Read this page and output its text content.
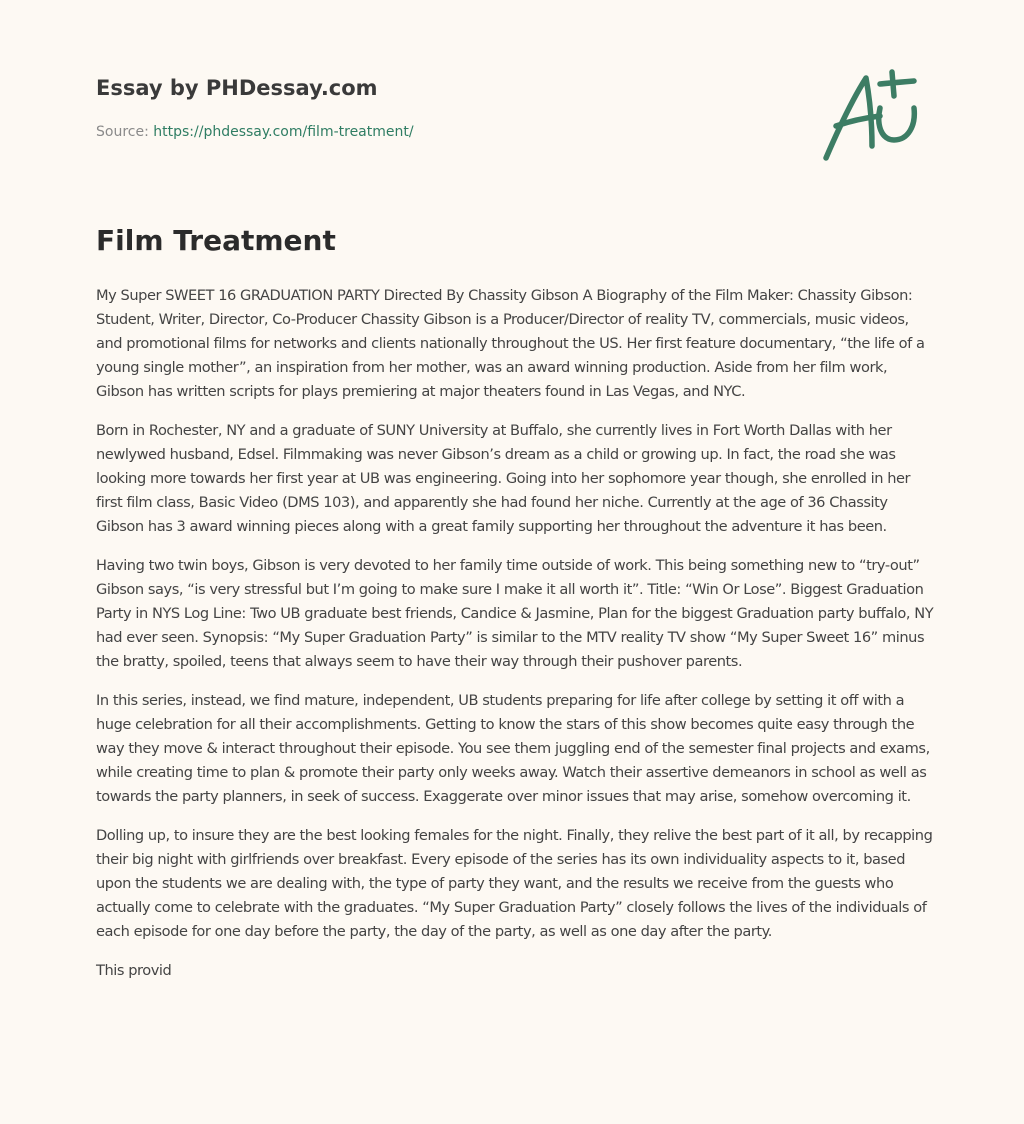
Essay by PHDessay.com
Source: https://phdessay.com/film-treatment/
Film Treatment

My Super SWEET 16 GRADUATION PARTY Directed By Chassity Gibson A Biography of the Film Maker: Chassity Gibson: Student, Writer, Director, Co-Producer Chassity Gibson is a Producer/Director of reality TV, commercials, music videos, and promotional films for networks and clients nationally throughout the US. Her first feature documentary, “the life of a young single mother”, an inspiration from her mother, was an award winning production. Aside from her film work, Gibson has written scripts for plays premiering at major theaters found in Las Vegas, and NYC.

Born in Rochester, NY and a graduate of SUNY University at Buffalo, she currently lives in Fort Worth Dallas with her newlywed husband, Edsel. Filmmaking was never Gibson’s dream as a child or growing up. In fact, the road she was looking more towards her first year at UB was engineering. Going into her sophomore year though, she enrolled in her first film class, Basic Video (DMS 103), and apparently she had found her niche. Currently at the age of 36 Chassity Gibson has 3 award winning pieces along with a great family supporting her throughout the adventure it has been.

Having two twin boys, Gibson is very devoted to her family time outside of work. This being something new to “try-out” Gibson says, “is very stressful but I’m going to make sure I make it all worth it”. Title: “Win Or Lose”. Biggest Graduation Party in NYS Log Line: Two UB graduate best friends, Candice & Jasmine, Plan for the biggest Graduation party buffalo, NY had ever seen. Synopsis: “My Super Graduation Party” is similar to the MTV reality TV show “My Super Sweet 16” minus the bratty, spoiled, teens that always seem to have their way through their pushover parents.

In this series, instead, we find mature, independent, UB students preparing for life after college by setting it off with a huge celebration for all their accomplishments. Getting to know the stars of this show becomes quite easy through the way they move & interact throughout their episode. You see them juggling end of the semester final projects and exams, while creating time to plan & promote their party only weeks away. Watch their assertive demeanors in school as well as towards the party planners, in seek of success. Exaggerate over minor issues that may arise, somehow overcoming it.

Dolling up, to insure they are the best looking females for the night. Finally, they relive the best part of it all, by recapping their big night with girlfriends over breakfast. Every episode of the series has its own individuality aspects to it, based upon the students we are dealing with, the type of party they want, and the results we receive from the guests who actually come to celebrate with the graduates. “My Super Graduation Party” closely follows the lives of the individuals of each episode for one day before the party, the day of the party, as well as one day after the party.

This provid
